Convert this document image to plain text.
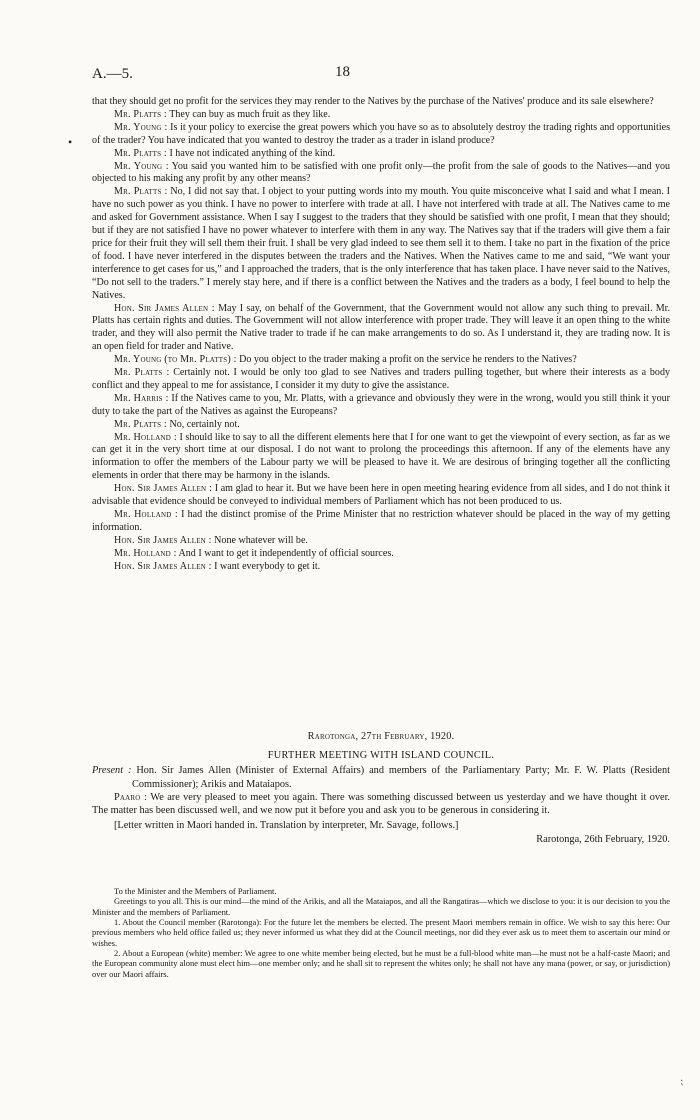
A.—5.	18
•
⁏

that they should get no profit for the services they may render to the Natives by the purchase of the Natives' produce and its sale elsewhere?

Mr. Platts : They can buy as much fruit as they like.

Mr. Young : Is it your policy to exercise the great powers which you have so as to absolutely destroy the trading rights and opportunities of the trader? You have indicated that you wanted to destroy the trader as a trader in island produce?

Mr. Platts : I have not indicated anything of the kind.

Mr. Young : You said you wanted him to be satisfied with one profit only—the profit from the sale of goods to the Natives—and you objected to his making any profit by any other means?

Mr. Platts : No, I did not say that. I object to your putting words into my mouth. You quite misconceive what I said and what I mean. I have no such power as you think. I have no power to interfere with trade at all. I have not interfered with trade at all. The Natives came to me and asked for Government assistance. When I say I suggest to the traders that they should be satisfied with one profit, I mean that they should; but if they are not satisfied I have no power whatever to interfere with them in any way. The Natives say that if the traders will give them a fair price for their fruit they will sell them their fruit. I shall be very glad indeed to see them sell it to them. I take no part in the fixation of the price of food. I have never interfered in the disputes between the traders and the Natives. When the Natives came to me and said, “We want your interference to get cases for us,” and I approached the traders, that is the only interference that has taken place. I have never said to the Natives, “Do not sell to the traders.” I merely stay here, and if there is a conflict between the Natives and the traders as a body, I feel bound to help the Natives.

Hon. Sir James Allen : May I say, on behalf of the Government, that the Government would not allow any such thing to prevail. Mr. Platts has certain rights and duties. The Government will not allow interference with proper trade. They will leave it an open thing to the white trader, and they will also permit the Native trader to trade if he can make arrangements to do so. As I understand it, they are trading now. It is an open field for trader and Native.

Mr. Young (to Mr. Platts) : Do you object to the trader making a profit on the service he renders to the Natives?

Mr. Platts : Certainly not. I would be only too glad to see Natives and traders pulling together, but where their interests as a body conflict and they appeal to me for assistance, I consider it my duty to give the assistance.

Mr. Harris : If the Natives came to you, Mr. Platts, with a grievance and obviously they were in the wrong, would you still think it your duty to take the part of the Natives as against the Europeans?

Mr. Platts : No, certainly not.

Mr. Holland : I should like to say to all the different elements here that I for one want to get the viewpoint of every section, as far as we can get it in the very short time at our disposal. I do not want to prolong the proceedings this afternoon. If any of the elements have any information to offer the members of the Labour party we will be pleased to have it. We are desirous of bringing together all the conflicting elements in order that there may be harmony in the islands.

Hon. Sir James Allen : I am glad to hear it. But we have been here in open meeting hearing evidence from all sides, and I do not think it advisable that evidence should be conveyed to individual members of Parliament which has not been produced to us.

Mr. Holland : I had the distinct promise of the Prime Minister that no restriction whatever should be placed in the way of my getting information.

Hon. Sir James Allen : None whatever will be.

Mr. Holland : And I want to get it independently of official sources.

Hon. Sir James Allen : I want everybody to get it.

Rarotonga, 27th February, 1920.

FURTHER MEETING WITH ISLAND COUNCIL.

Present : Hon. Sir James Allen (Minister of External Affairs) and members of the Parliamentary Party; Mr. F. W. Platts (Resident Commissioner); Arikis and Mataiapos.

Paaro : We are very pleased to meet you again. There was something discussed between us yesterday and we have thought it over. The matter has been discussed well, and we now put it before you and ask you to be generous in considering it.

[Letter written in Maori handed in. Translation by interpreter, Mr. Savage, follows.]

Rarotonga, 26th February, 1920.

To the Minister and the Members of Parliament.

Greetings to you all. This is our mind—the mind of the Arikis, and all the Mataiapos, and all the Rangatiras—which we disclose to you: it is our decision to you the Minister and the members of Parliament.

1. About the Council member (Rarotonga): For the future let the members be elected. The present Maori members remain in office. We wish to say this here: Our previous members who held office failed us; they never informed us what they did at the Council meetings, nor did they ever ask us to meet them to ascertain our mind or wishes.

2. About a European (white) member: We agree to one white member being elected, but he must be a full-blood white man—he must not be a half-caste Maori; and the European community alone must elect him—one member only; and he shall sit to represent the whites only; he shall not have any mana (power, or say, or jurisdiction) over our Maori affairs.
